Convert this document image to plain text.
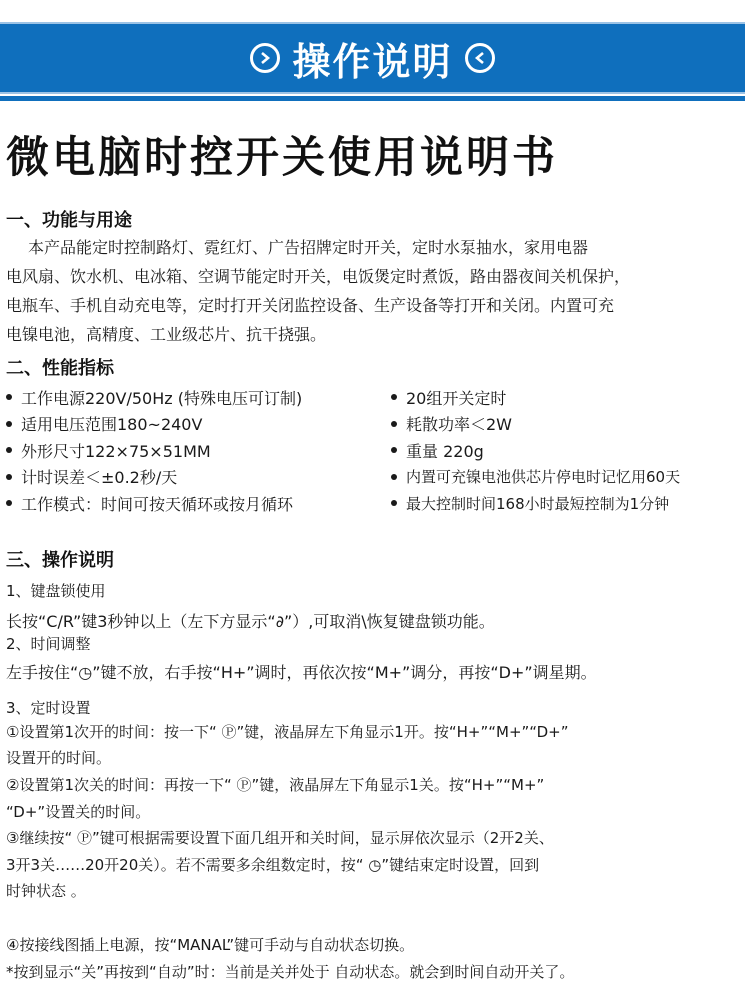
操作说明
微电脑时控开关使用说明书
一、功能与用途
本产品能定时控制路灯、霓红灯、广告招牌定时开关，定时水泵抽水，家用电器
电风扇、饮水机、电冰箱、空调节能定时开关，电饭煲定时煮饭，路由器夜间关机保护，
电瓶车、手机自动充电等，定时打开关闭监控设备、生产设备等打开和关闭。内置可充
电镍电池，高精度、工业级芯片、抗干挠强。
二、性能指标
工作电源220V/50Hz (特殊电压可订制)
适用电压范围180~240V
外形尺寸122×75×51MM
计时误差＜±0.2秒/天
工作模式：时间可按天循环或按月循环
20组开关定时
耗散功率＜2W
重量 220g
内置可充镍电池供芯片停电时记忆用60天
最大控制时间168小时最短控制为1分钟
三、操作说明
1、键盘锁使用
长按“C/R”键3秒钟以上（左下方显示“∂”）,可取消\恢复键盘锁功能。
2、时间调整
左手按住“◷”键不放，右手按“H+”调时，再依次按“M+”调分，再按“D+”调星期。
3、定时设置
①设置第1次开的时间：按一下“ Ⓟ”键，液晶屏左下角显示1开。按“H+”“M+”“D+”
设置开的时间。
②设置第1次关的时间：再按一下“ Ⓟ”键，液晶屏左下角显示1关。按“H+”“M+”
“D+”设置关的时间。
③继续按“ Ⓟ”键可根据需要设置下面几组开和关时间，显示屏依次显示（2开2关、
3开3关……20开20关）。若不需要多余组数定时，按“ ◷”键结束定时设置，回到
时钟状态 。
④按接线图插上电源，按“MANAL”键可手动与自动状态切换。
*按到显示“关”再按到“自动”时：当前是关并处于 自动状态。就会到时间自动开关了。
